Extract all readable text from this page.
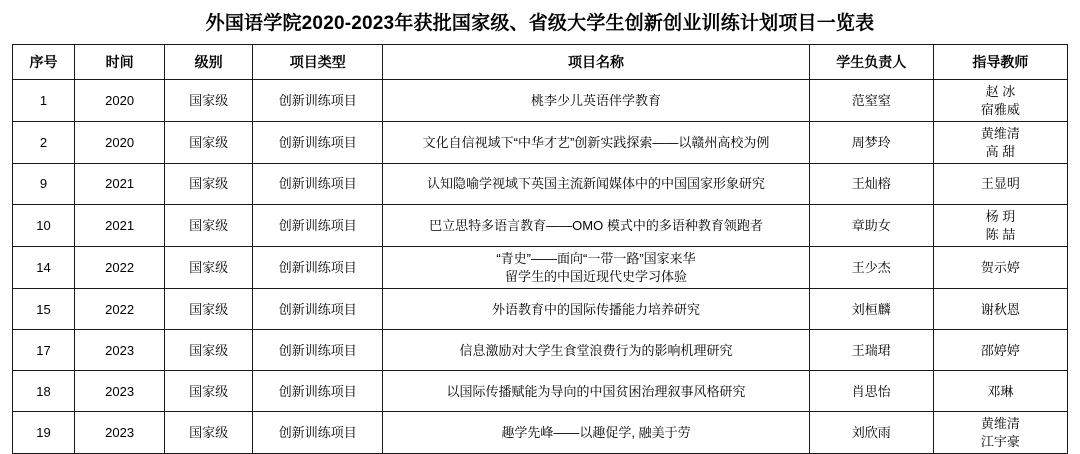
外国语学院2020-2023年获批国家级、省级大学生创新创业训练计划项目一览表
序号	时间	级别	项目类型	项目名称	学生负责人	指导教师
1	2020	国家级	创新训练项目	桃李少儿英语伴学教育	范窒窒	赵 冰
宿雅威

2	2020	国家级	创新训练项目	文化自信视域下“中华才艺”创新实践探索——以赣州高校为例	周梦玲	黄维清
高 甜

9	2021	国家级	创新训练项目	认知隐喻学视域下英国主流新闻媒体中的中国国家形象研究	王灿榕	王显明

10	2021	国家级	创新训练项目	巴立思特多语言教育——OMO 模式中的多语种教育领跑者	章助女	杨 玥
陈 喆

14	2022	国家级	创新训练项目	“青史”——面向“一带一路”国家来华
留学生的中国近现代史学习体验	王少杰	贺示婷

15	2022	国家级	创新训练项目	外语教育中的国际传播能力培养研究	刘桓麟	谢秋恩

17	2023	国家级	创新训练项目	信息激励对大学生食堂浪费行为的影响机理研究	王瑞珺	邵婷婷

18	2023	国家级	创新训练项目	以国际传播赋能为导向的中国贫困治理叙事风格研究	肖思怡	邓琳

19	2023	国家级	创新训练项目	趣学先峰——以趣促学, 融美于劳	刘欣雨	黄维清
江宇豪
